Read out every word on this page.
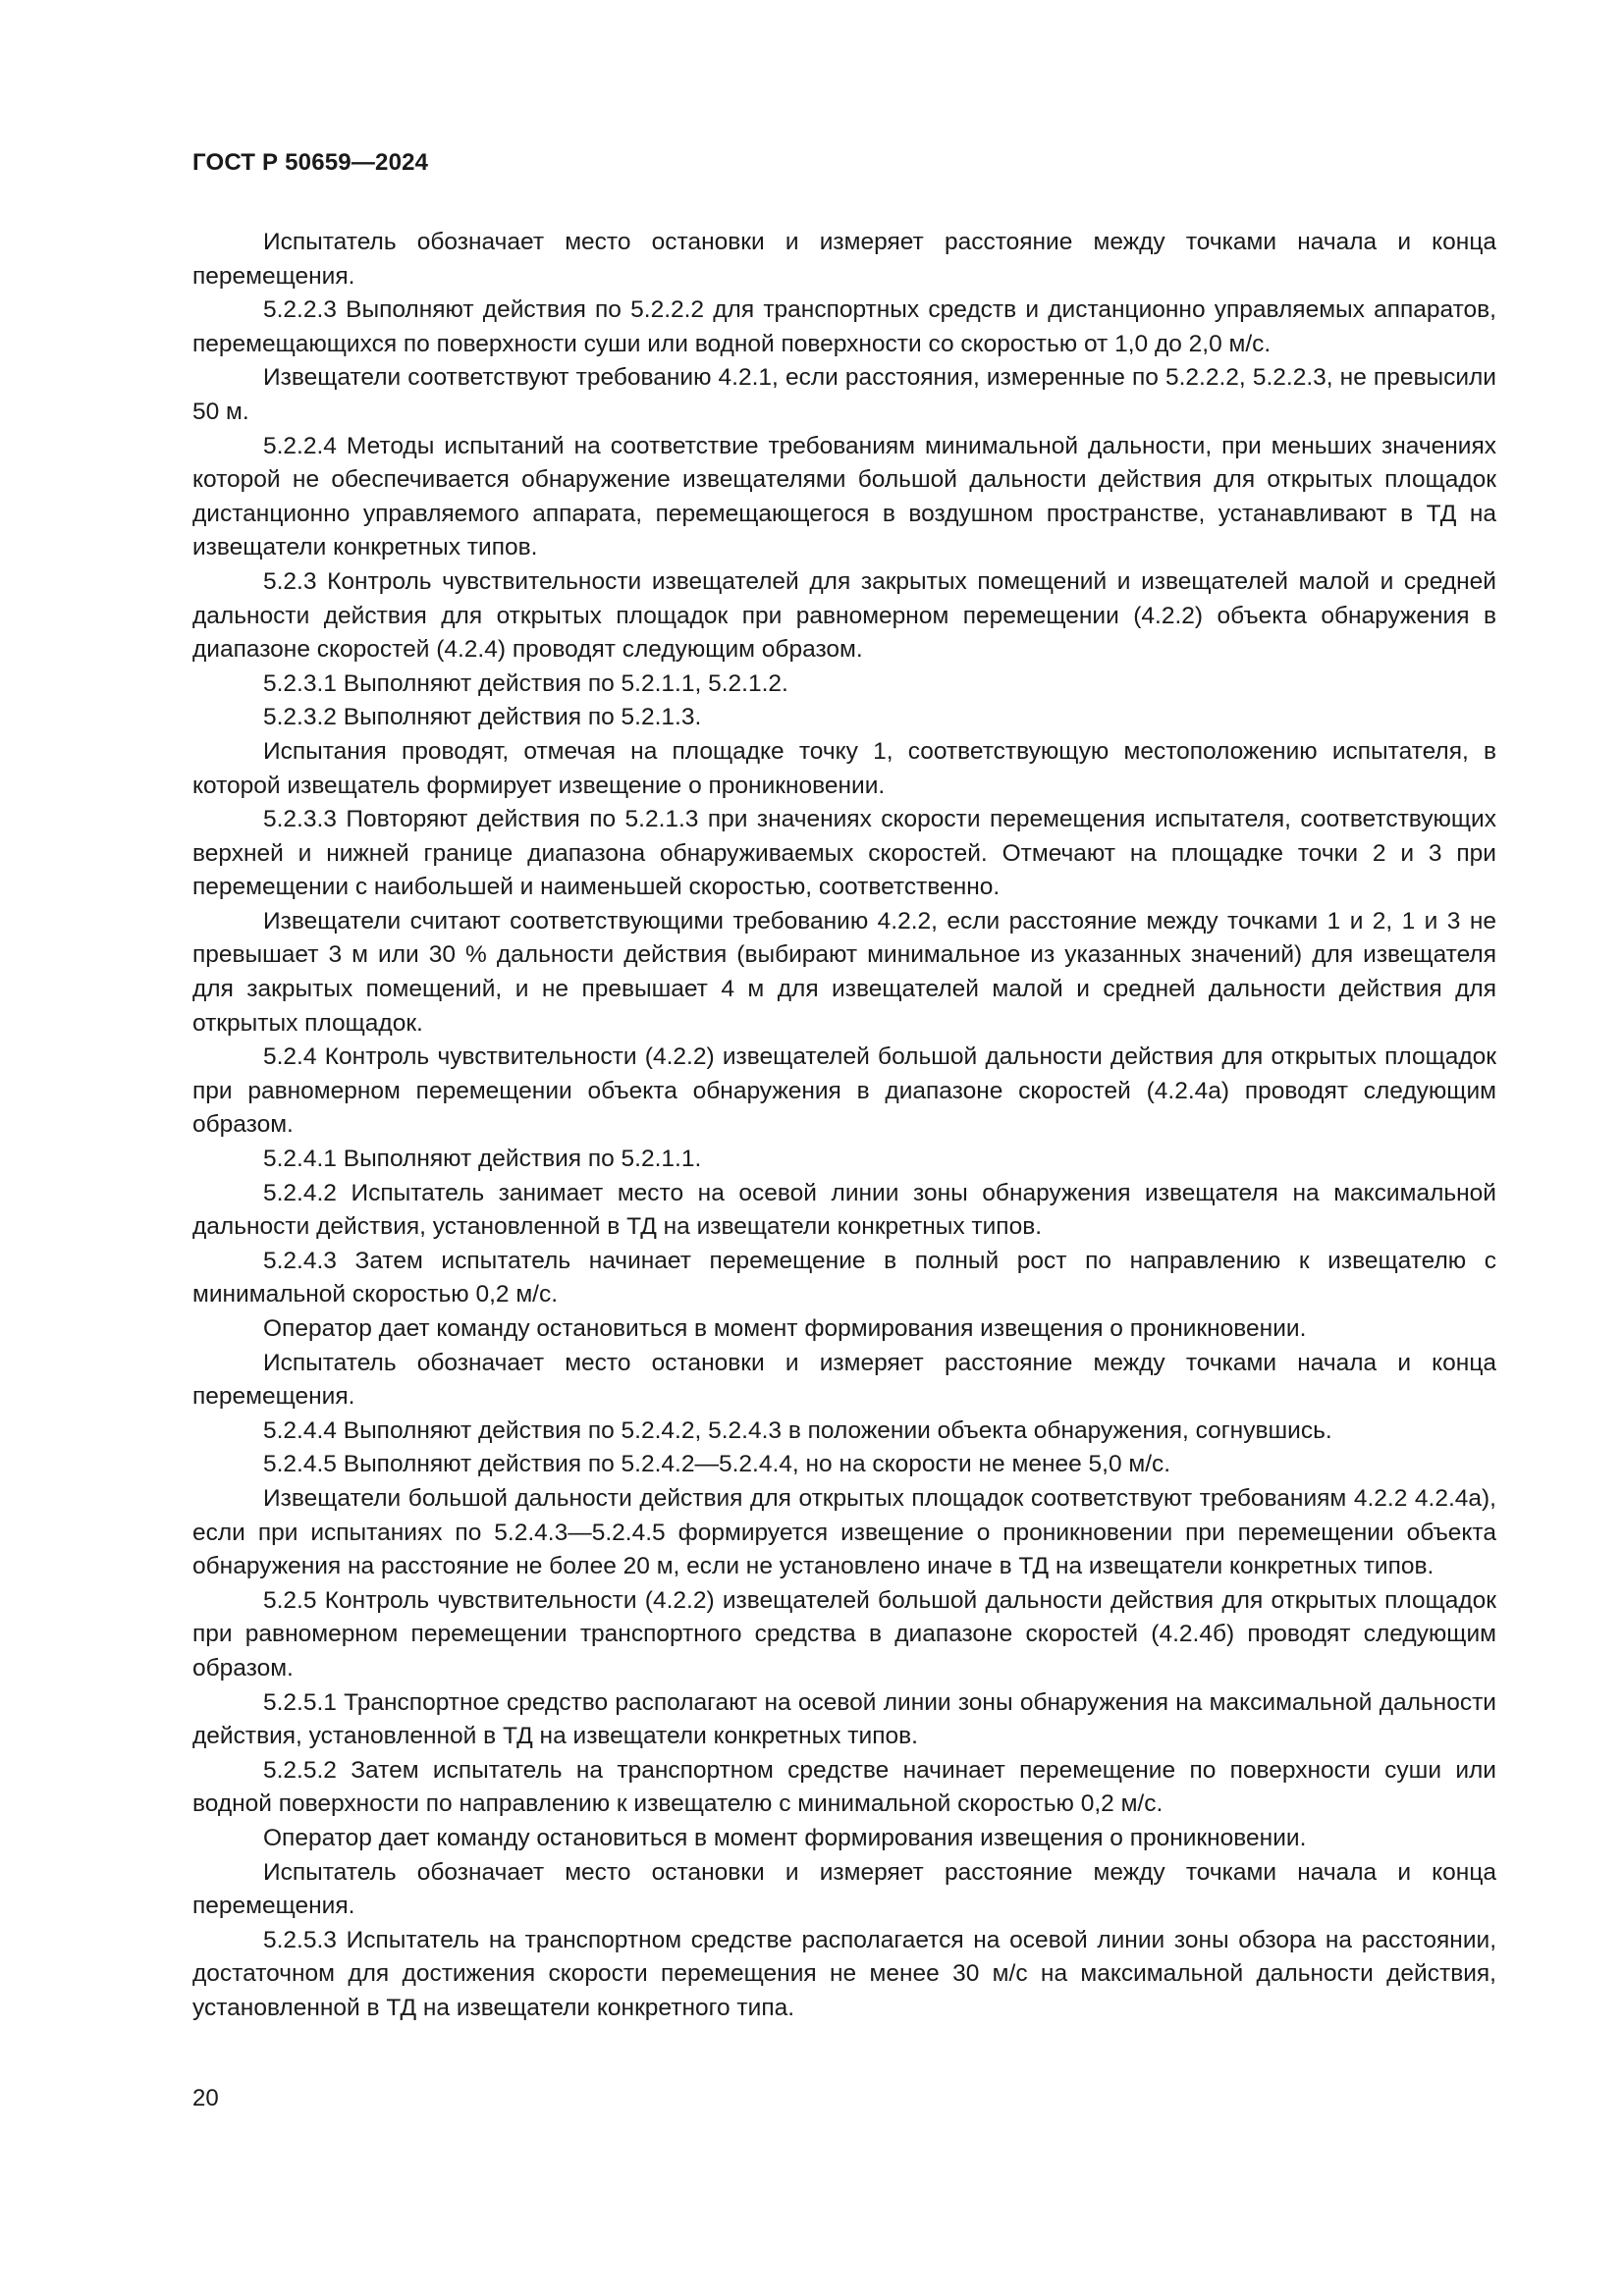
ГОСТ Р 50659—2024

Испытатель обозначает место остановки и измеряет расстояние между точками начала и конца перемещения.

5.2.2.3 Выполняют действия по 5.2.2.2 для транспортных средств и дистанционно управляемых аппаратов, перемещающихся по поверхности суши или водной поверхности со скоростью от 1,0 до 2,0 м/с.

Извещатели соответствуют требованию 4.2.1, если расстояния, измеренные по 5.2.2.2, 5.2.2.3, не превысили 50 м.

5.2.2.4 Методы испытаний на соответствие требованиям минимальной дальности, при меньших значениях которой не обеспечивается обнаружение извещателями большой дальности действия для открытых площадок дистанционно управляемого аппарата, перемещающегося в воздушном пространстве, устанавливают в ТД на извещатели конкретных типов.

5.2.3 Контроль чувствительности извещателей для закрытых помещений и извещателей малой и средней дальности действия для открытых площадок при равномерном перемещении (4.2.2) объекта обнаружения в диапазоне скоростей (4.2.4) проводят следующим образом.

5.2.3.1 Выполняют действия по 5.2.1.1, 5.2.1.2.

5.2.3.2 Выполняют действия по 5.2.1.3.

Испытания проводят, отмечая на площадке точку 1, соответствующую местоположению испытателя, в которой извещатель формирует извещение о проникновении.

5.2.3.3 Повторяют действия по 5.2.1.3 при значениях скорости перемещения испытателя, соответствующих верхней и нижней границе диапазона обнаруживаемых скоростей. Отмечают на площадке точки 2 и 3 при перемещении с наибольшей и наименьшей скоростью, соответственно.

Извещатели считают соответствующими требованию 4.2.2, если расстояние между точками 1 и 2, 1 и 3 не превышает 3 м или 30 % дальности действия (выбирают минимальное из указанных значений) для извещателя для закрытых помещений, и не превышает 4 м для извещателей малой и средней дальности действия для открытых площадок.

5.2.4 Контроль чувствительности (4.2.2) извещателей большой дальности действия для открытых площадок при равномерном перемещении объекта обнаружения в диапазоне скоростей (4.2.4а) проводят следующим образом.

5.2.4.1 Выполняют действия по 5.2.1.1.

5.2.4.2 Испытатель занимает место на осевой линии зоны обнаружения извещателя на максимальной дальности действия, установленной в ТД на извещатели конкретных типов.

5.2.4.3 Затем испытатель начинает перемещение в полный рост по направлению к извещателю с минимальной скоростью 0,2 м/с.

Оператор дает команду остановиться в момент формирования извещения о проникновении.

Испытатель обозначает место остановки и измеряет расстояние между точками начала и конца перемещения.

5.2.4.4 Выполняют действия по 5.2.4.2, 5.2.4.3 в положении объекта обнаружения, согнувшись.

5.2.4.5 Выполняют действия по 5.2.4.2—5.2.4.4, но на скорости не менее 5,0 м/с.

Извещатели большой дальности действия для открытых площадок соответствуют требованиям 4.2.2 4.2.4а), если при испытаниях по 5.2.4.3—5.2.4.5 формируется извещение о проникновении при перемещении объекта обнаружения на расстояние не более 20 м, если не установлено иначе в ТД на извещатели конкретных типов.

5.2.5 Контроль чувствительности (4.2.2) извещателей большой дальности действия для открытых площадок при равномерном перемещении транспортного средства в диапазоне скоростей (4.2.4б) проводят следующим образом.

5.2.5.1 Транспортное средство располагают на осевой линии зоны обнаружения на максимальной дальности действия, установленной в ТД на извещатели конкретных типов.

5.2.5.2 Затем испытатель на транспортном средстве начинает перемещение по поверхности суши или водной поверхности по направлению к извещателю с минимальной скоростью 0,2 м/с.

Оператор дает команду остановиться в момент формирования извещения о проникновении.

Испытатель обозначает место остановки и измеряет расстояние между точками начала и конца перемещения.

5.2.5.3 Испытатель на транспортном средстве располагается на осевой линии зоны обзора на расстоянии, достаточном для достижения скорости перемещения не менее 30 м/с на максимальной дальности действия, установленной в ТД на извещатели конкретного типа.

20
